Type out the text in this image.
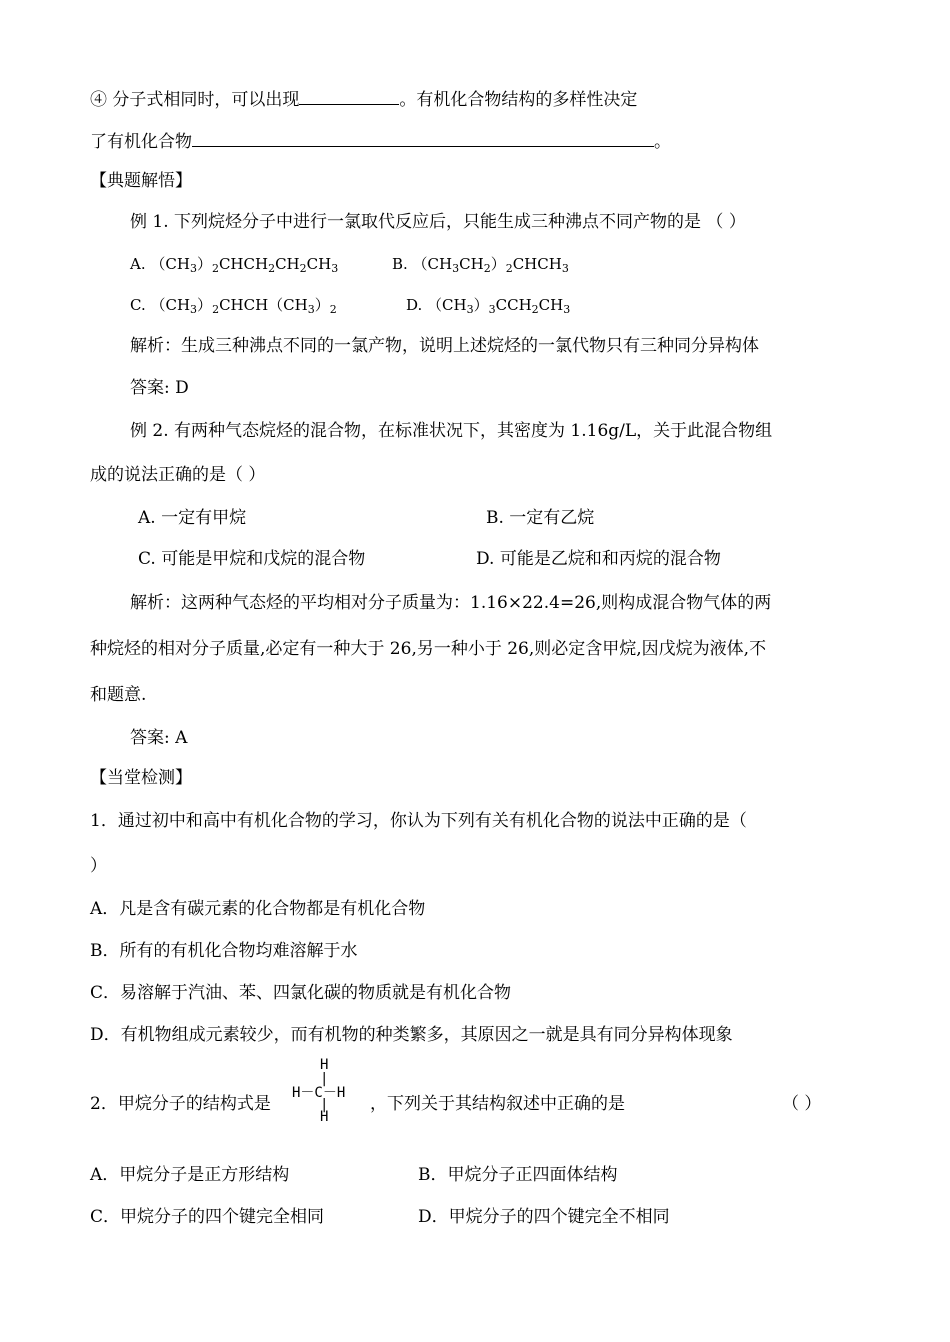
④ 分子式相同时，可以出现	。有机化合物结构的多样性决定
了有机化合物	。
【典题解悟】
例 1. 下列烷烃分子中进行一氯取代反应后，只能生成三种沸点不同产物的是 （ ）
A. $(CH_3)_2CHCH_2CH_2CH_3$	B. $(CH_3CH_2)_2CHCH_3$
C. $(CH_3)_2CHCH(CH_3)_2$	D. $(CH_3)_3CCH_2CH_3$
解析：生成三种沸点不同的一氯产物，说明上述烷烃的一氯代物只有三种同分异构体
答案: D
例 2. 有两种气态烷烃的混合物，在标准状况下，其密度为 1.16g/L，关于此混合物组
成的说法正确的是（ ）
A. 一定有甲烷	B. 一定有乙烷
C. 可能是甲烷和戊烷的混合物	D. 可能是乙烷和和丙烷的混合物
解析：这两种气态烃的平均相对分子质量为：1.16×22.4=26,则构成混合物气体的两
种烷烃的相对分子质量,必定有一种大于 26,另一种小于 26,则必定含甲烷,因戊烷为液体,不
和题意.
答案: A
【当堂检测】
1．通过初中和高中有机化合物的学习，你认为下列有关有机化合物的说法中正确的是（
）
A．凡是含有碳元素的化合物都是有机化合物
B．所有的有机化合物均难溶解于水
C．易溶解于汽油、苯、四氯化碳的物质就是有机化合物
D．有机物组成元素较少，而有机物的种类繁多，其原因之一就是具有同分异构体现象
2．甲烷分子的结构式是
H
|
H－C－H
|
H
，下列关于其结构叙述中正确的是	（ ）
A．甲烷分子是正方形结构	B．甲烷分子正四面体结构
C．甲烷分子的四个键完全相同	D．甲烷分子的四个键完全不相同
